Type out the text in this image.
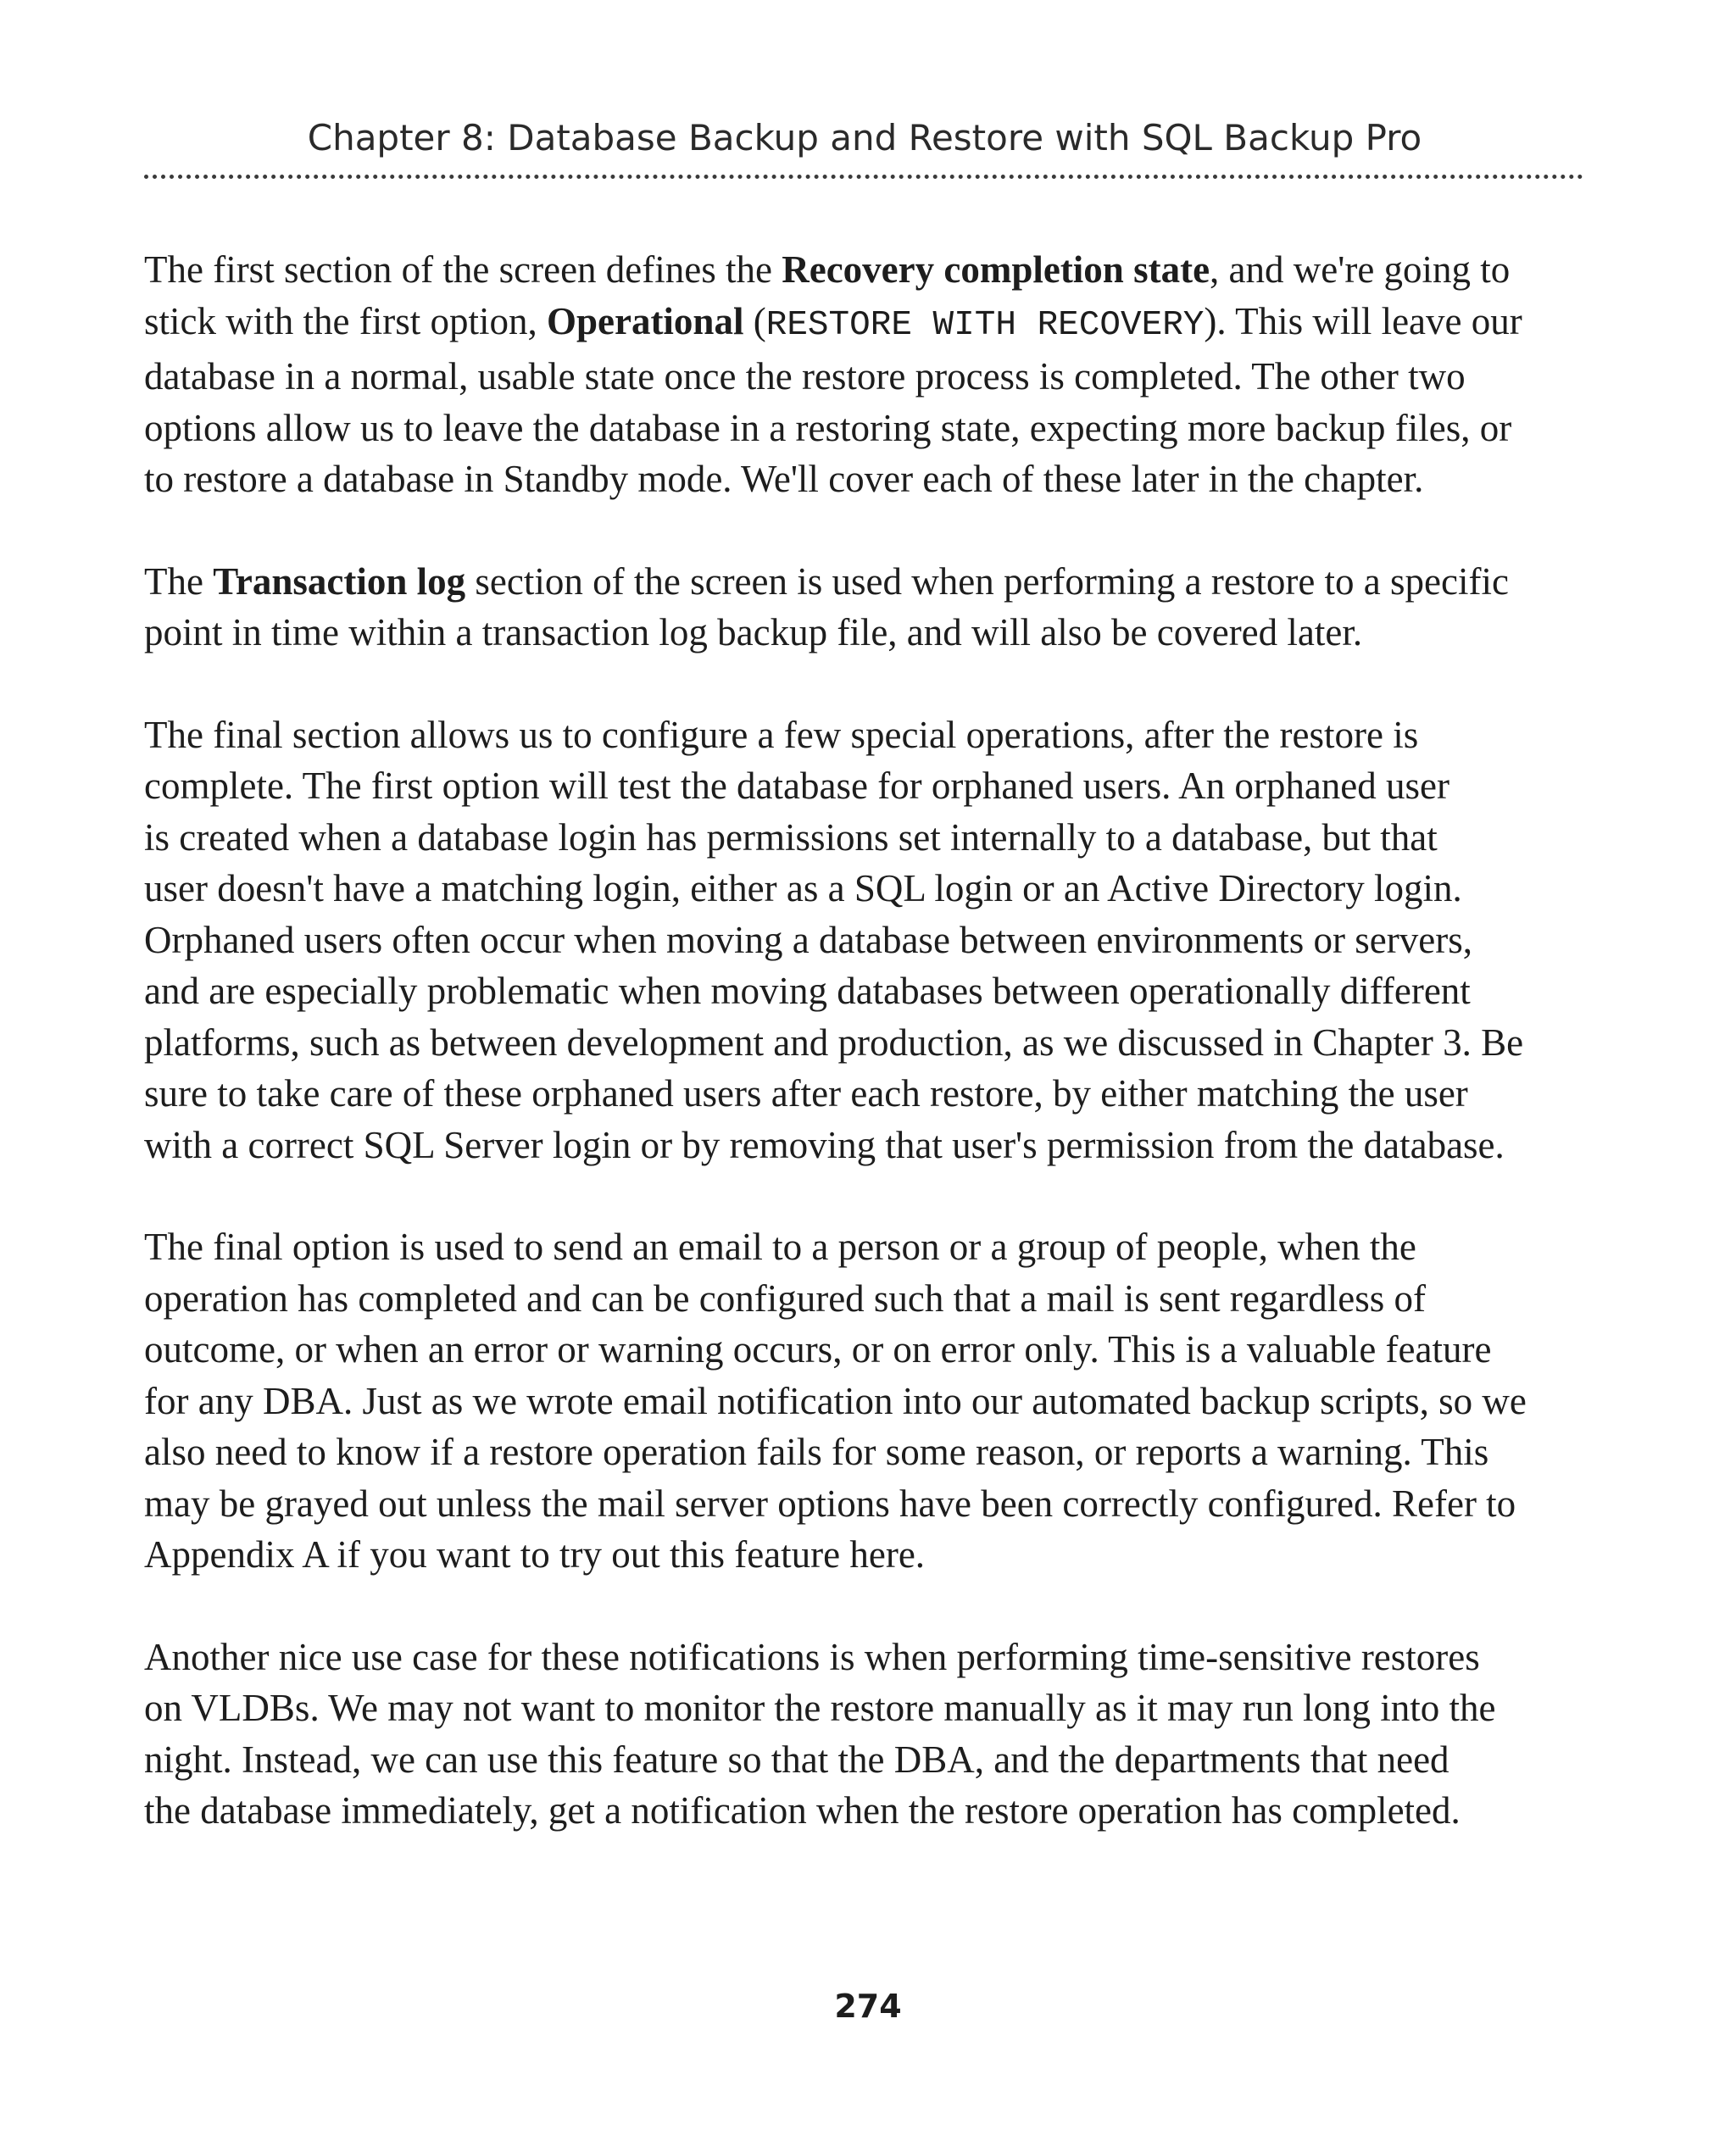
Chapter 8: Database Backup and Restore with SQL Backup Pro

The first section of the screen defines the Recovery completion state, and we're going to
stick with the first option, Operational (RESTORE WITH RECOVERY). This will leave our
database in a normal, usable state once the restore process is completed. The other two
options allow us to leave the database in a restoring state, expecting more backup files, or
to restore a database in Standby mode. We'll cover each of these later in the chapter.

The Transaction log section of the screen is used when performing a restore to a specific
point in time within a transaction log backup file, and will also be covered later.

The final section allows us to configure a few special operations, after the restore is
complete. The first option will test the database for orphaned users. An orphaned user
is created when a database login has permissions set internally to a database, but that
user doesn't have a matching login, either as a SQL login or an Active Directory login.
Orphaned users often occur when moving a database between environments or servers,
and are especially problematic when moving databases between operationally different
platforms, such as between development and production, as we discussed in Chapter 3. Be
sure to take care of these orphaned users after each restore, by either matching the user
with a correct SQL Server login or by removing that user's permission from the database.

The final option is used to send an email to a person or a group of people, when the
operation has completed and can be configured such that a mail is sent regardless of
outcome, or when an error or warning occurs, or on error only. This is a valuable feature
for any DBA. Just as we wrote email notification into our automated backup scripts, so we
also need to know if a restore operation fails for some reason, or reports a warning. This
may be grayed out unless the mail server options have been correctly configured. Refer to
Appendix A if you want to try out this feature here.

Another nice use case for these notifications is when performing time-sensitive restores
on VLDBs. We may not want to monitor the restore manually as it may run long into the
night. Instead, we can use this feature so that the DBA, and the departments that need
the database immediately, get a notification when the restore operation has completed.

274
